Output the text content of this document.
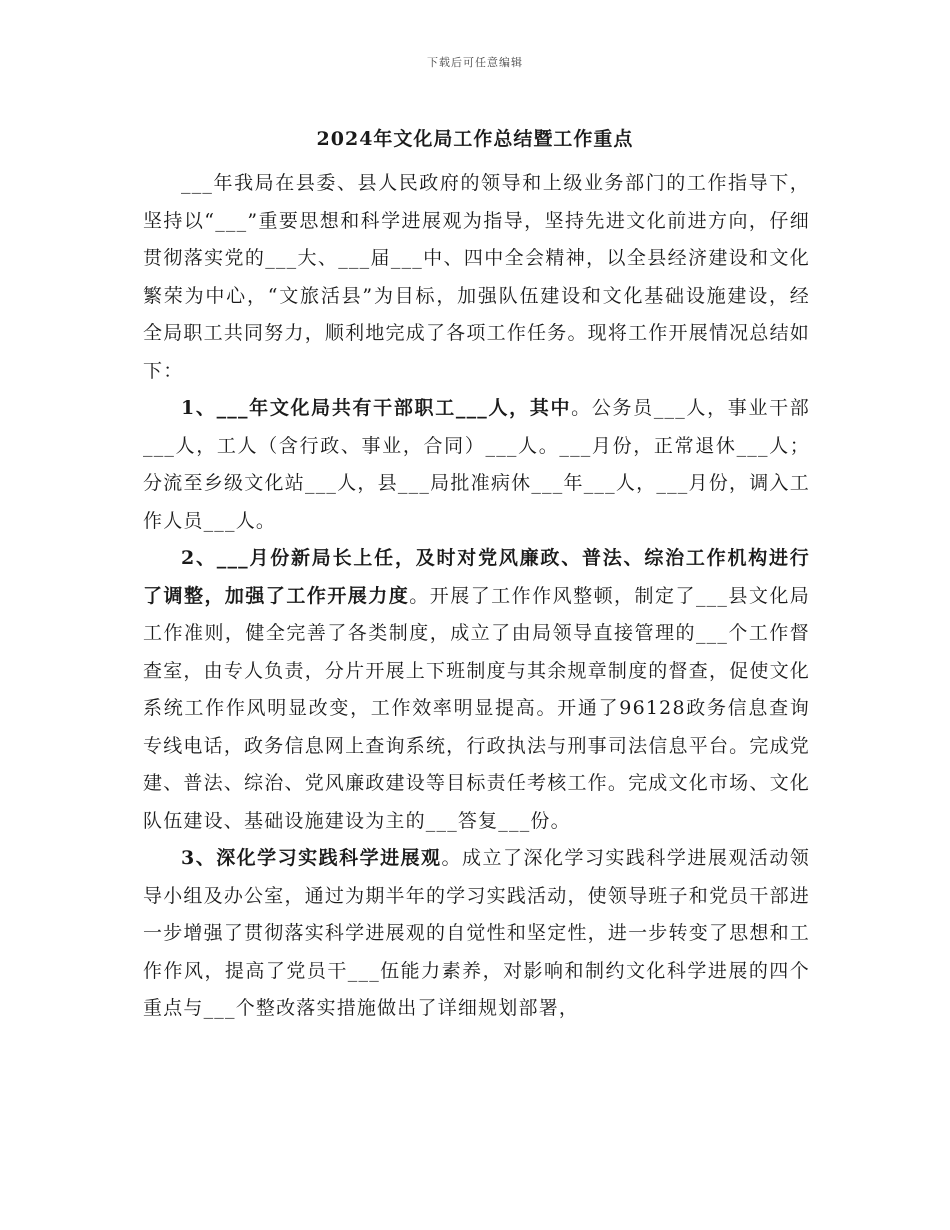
下载后可任意编辑
2024年文化局工作总结暨工作重点

___年我局在县委、县人民政府的领导和上级业务部门的工作指导下，坚持以“___”重要思想和科学进展观为指导，坚持先进文化前进方向，仔细贯彻落实党的___大、___届___中、四中全会精神，以全县经济建设和文化繁荣为中心，“文旅活县”为目标，加强队伍建设和文化基础设施建设，经全局职工共同努力，顺利地完成了各项工作任务。现将工作开展情况总结如下：

1、___年文化局共有干部职工___人，其中。公务员___人，事业干部___人，工人（含行政、事业，合同）___人。___月份，正常退休___人；分流至乡级文化站___人，县___局批准病休___年___人，___月份，调入工作人员___人。

2、___月份新局长上任，及时对党风廉政、普法、综治工作机构进行了调整，加强了工作开展力度。开展了工作作风整顿，制定了___县文化局工作准则，健全完善了各类制度，成立了由局领导直接管理的___个工作督查室，由专人负责，分片开展上下班制度与其余规章制度的督查，促使文化系统工作作风明显改变，工作效率明显提高。开通了96128政务信息查询专线电话，政务信息网上查询系统，行政执法与刑事司法信息平台。完成党建、普法、综治、党风廉政建设等目标责任考核工作。完成文化市场、文化队伍建设、基础设施建设为主的___答复___份。

3、深化学习实践科学进展观。成立了深化学习实践科学进展观活动领导小组及办公室，通过为期半年的学习实践活动，使领导班子和党员干部进一步增强了贯彻落实科学进展观的自觉性和坚定性，进一步转变了思想和工作作风，提高了党员干___伍能力素养，对影响和制约文化科学进展的四个重点与___个整改落实措施做出了详细规划部署，
